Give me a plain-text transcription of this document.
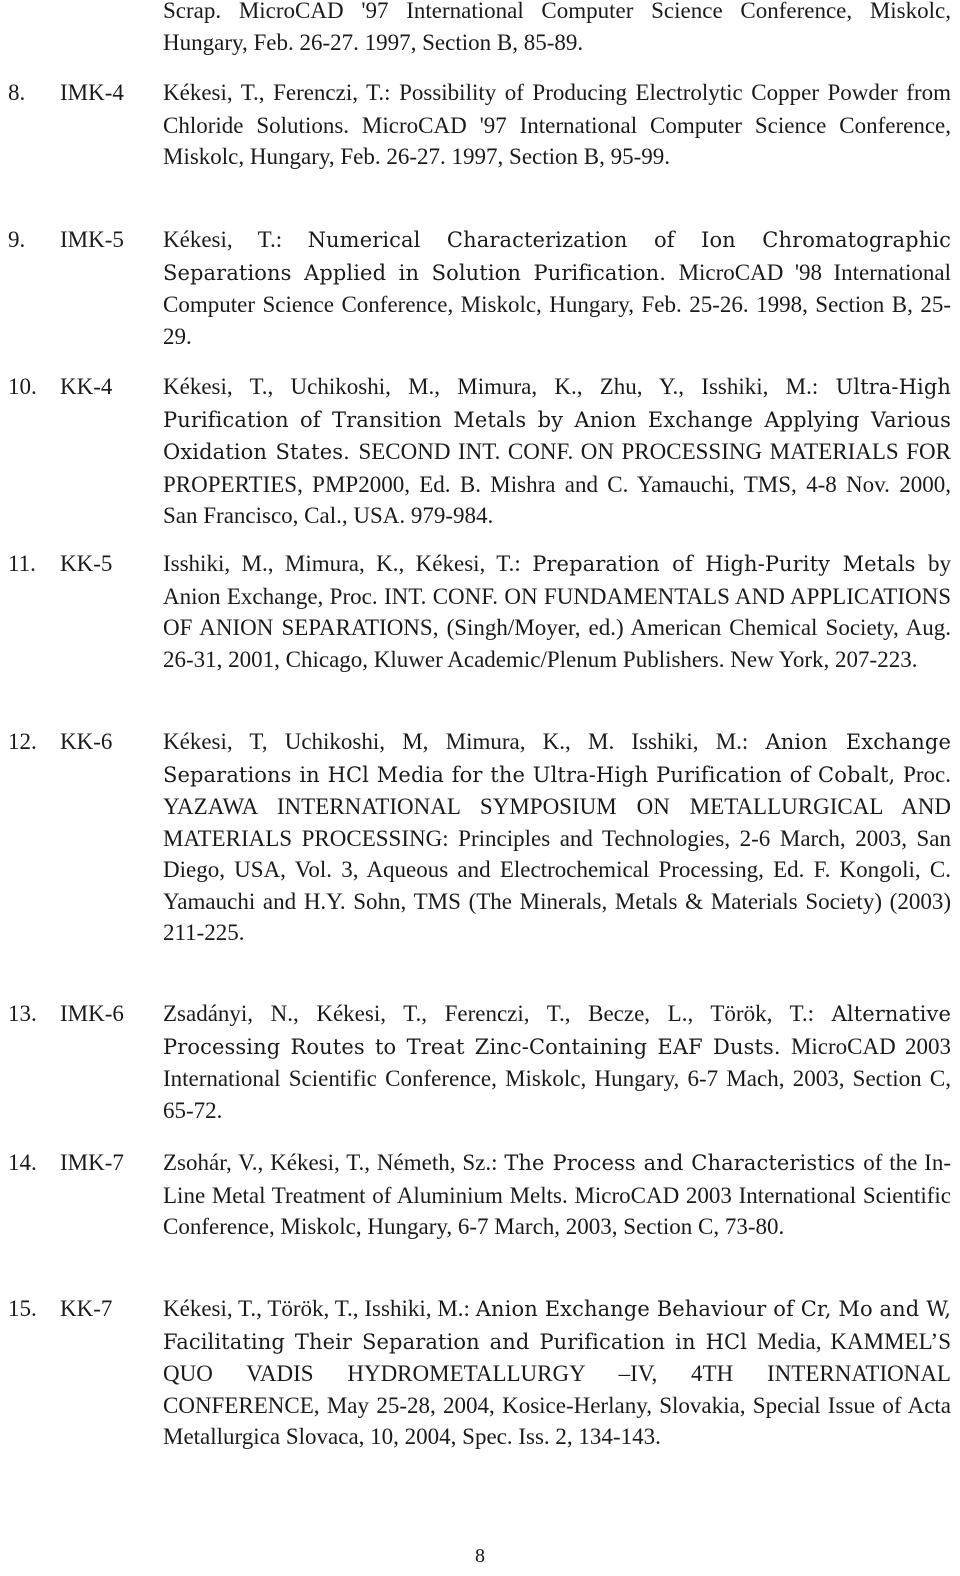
Scrap. MicroCAD '97 International Computer Science Conference, Miskolc, Hungary, Feb. 26-27. 1997, Section B, 85-89.
8. IMK-4 Kékesi, T., Ferenczi, T.: Possibility of Producing Electrolytic Copper Powder from Chloride Solutions. MicroCAD '97 International Computer Science Conference, Miskolc, Hungary, Feb. 26-27. 1997, Section B, 95-99.
9. IMK-5 Kékesi, T.: Numerical Characterization of Ion Chromatographic Separations Applied in Solution Purification. MicroCAD '98 International Computer Science Conference, Miskolc, Hungary, Feb. 25-26. 1998, Section B, 25-29.
10. KK-4 Kékesi, T., Uchikoshi, M., Mimura, K., Zhu, Y., Isshiki, M.: Ultra-High Purification of Transition Metals by Anion Exchange Applying Various Oxidation States. SECOND INT. CONF. ON PROCESSING MATERIALS FOR PROPERTIES, PMP2000, Ed. B. Mishra and C. Yamauchi, TMS, 4-8 Nov. 2000, San Francisco, Cal., USA. 979-984.
11. KK-5 Isshiki, M., Mimura, K., Kékesi, T.: Preparation of High-Purity Metals by Anion Exchange, Proc. INT. CONF. ON FUNDAMENTALS AND APPLICATIONS OF ANION SEPARATIONS, (Singh/Moyer, ed.) American Chemical Society, Aug. 26-31, 2001, Chicago, Kluwer Academic/Plenum Publishers. New York, 207-223.
12. KK-6 Kékesi, T, Uchikoshi, M, Mimura, K., M. Isshiki, M.: Anion Exchange Separations in HCl Media for the Ultra-High Purification of Cobalt, Proc. YAZAWA INTERNATIONAL SYMPOSIUM ON METALLURGICAL AND MATERIALS PROCESSING: Principles and Technologies, 2-6 March, 2003, San Diego, USA, Vol. 3, Aqueous and Electrochemical Processing, Ed. F. Kongoli, C. Yamauchi and H.Y. Sohn, TMS (The Minerals, Metals & Materials Society) (2003) 211-225.
13. IMK-6 Zsadányi, N., Kékesi, T., Ferenczi, T., Becze, L., Török, T.: Alternative Processing Routes to Treat Zinc-Containing EAF Dusts. MicroCAD 2003 International Scientific Conference, Miskolc, Hungary, 6-7 Mach, 2003, Section C, 65-72.
14. IMK-7 Zsohár, V., Kékesi, T., Németh, Sz.: The Process and Characteristics of the In-Line Metal Treatment of Aluminium Melts. MicroCAD 2003 International Scientific Conference, Miskolc, Hungary, 6-7 March, 2003, Section C, 73-80.
15. KK-7 Kékesi, T., Török, T., Isshiki, M.: Anion Exchange Behaviour of Cr, Mo and W, Facilitating Their Separation and Purification in HCl Media, KAMMEL’S QUO VADIS HYDROMETALLURGY –IV, 4TH INTERNATIONAL CONFERENCE, May 25-28, 2004, Kosice-Herlany, Slovakia, Special Issue of Acta Metallurgica Slovaca, 10, 2004, Spec. Iss. 2, 134-143.
8
